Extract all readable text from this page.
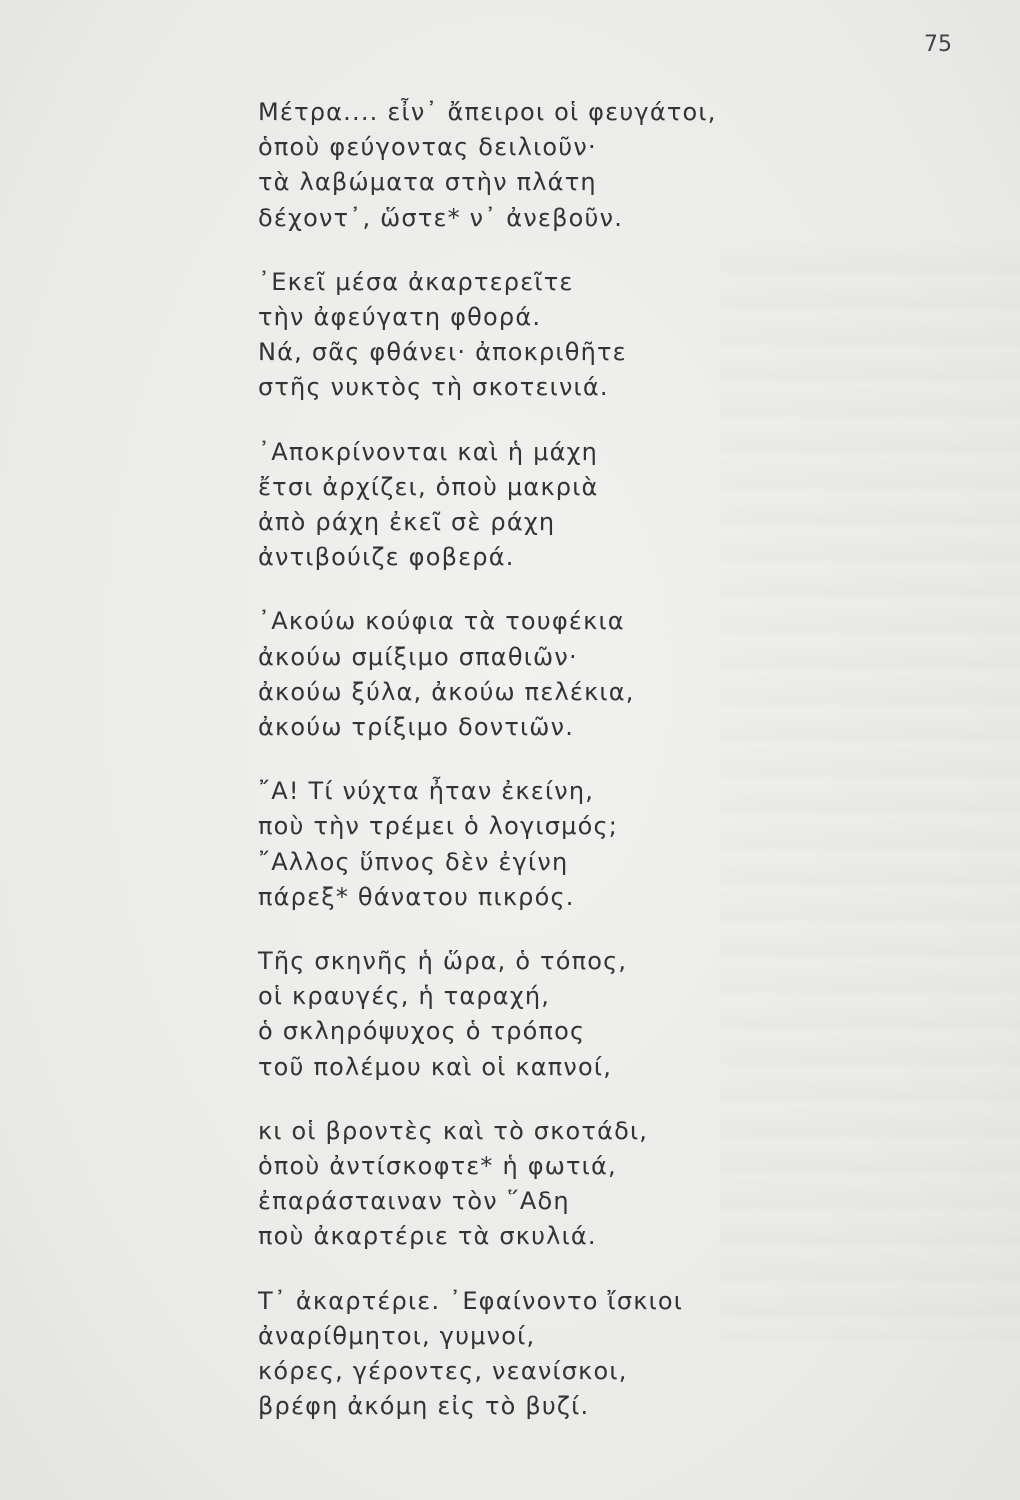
75
Μέτρα.... εἶν᾽ ἄπειροι οἱ φευγάτοι,
ὁποὺ φεύγοντας δειλιοῦν·
τὰ λαβώματα στὴν πλάτη
δέχοντ᾽, ὥστε* ν᾽ ἀνεβοῦν.
᾽Εκεῖ μέσα ἀκαρτερεῖτε
τὴν ἀφεύγατη φθορά.
Νά, σᾶς φθάνει· ἀποκριθῆτε
στῆς νυκτὸς τὴ σκοτεινιά.
᾽Αποκρίνονται καὶ ἡ μάχη
ἔτσι ἀρχίζει, ὁποὺ μακριὰ
ἀπὸ ράχη ἐκεῖ σὲ ράχη
ἀντιβούιζε φοβερά.
᾽Ακούω κούφια τὰ τουφέκια
ἀκούω σμίξιμο σπαθιῶν·
ἀκούω ξύλα, ἀκούω πελέκια,
ἀκούω τρίξιμο δοντιῶν.
῎Α! Τί νύχτα ἦταν ἐκείνη,
ποὺ τὴν τρέμει ὁ λογισμός;
῎Αλλος ὕπνος δὲν ἐγίνη
πάρεξ* θάνατου πικρός.
Τῆς σκηνῆς ἡ ὥρα, ὁ τόπος,
οἱ κραυγές, ἡ ταραχή,
ὁ σκληρόψυχος ὁ τρόπος
τοῦ πολέμου καὶ οἱ καπνοί,
κι οἱ βροντὲς καὶ τὸ σκοτάδι,
ὁποὺ ἀντίσκοφτε* ἡ φωτιά,
ἐπαράσταιναν τὸν ῞Αδη
ποὺ ἀκαρτέριε τὰ σκυλιά.
Τ᾽ ἀκαρτέριε. ᾽Εφαίνοντο ἴσκιοι
ἀναρίθμητοι, γυμνοί,
κόρες, γέροντες, νεανίσκοι,
βρέφη ἀκόμη εἰς τὸ βυζί.
